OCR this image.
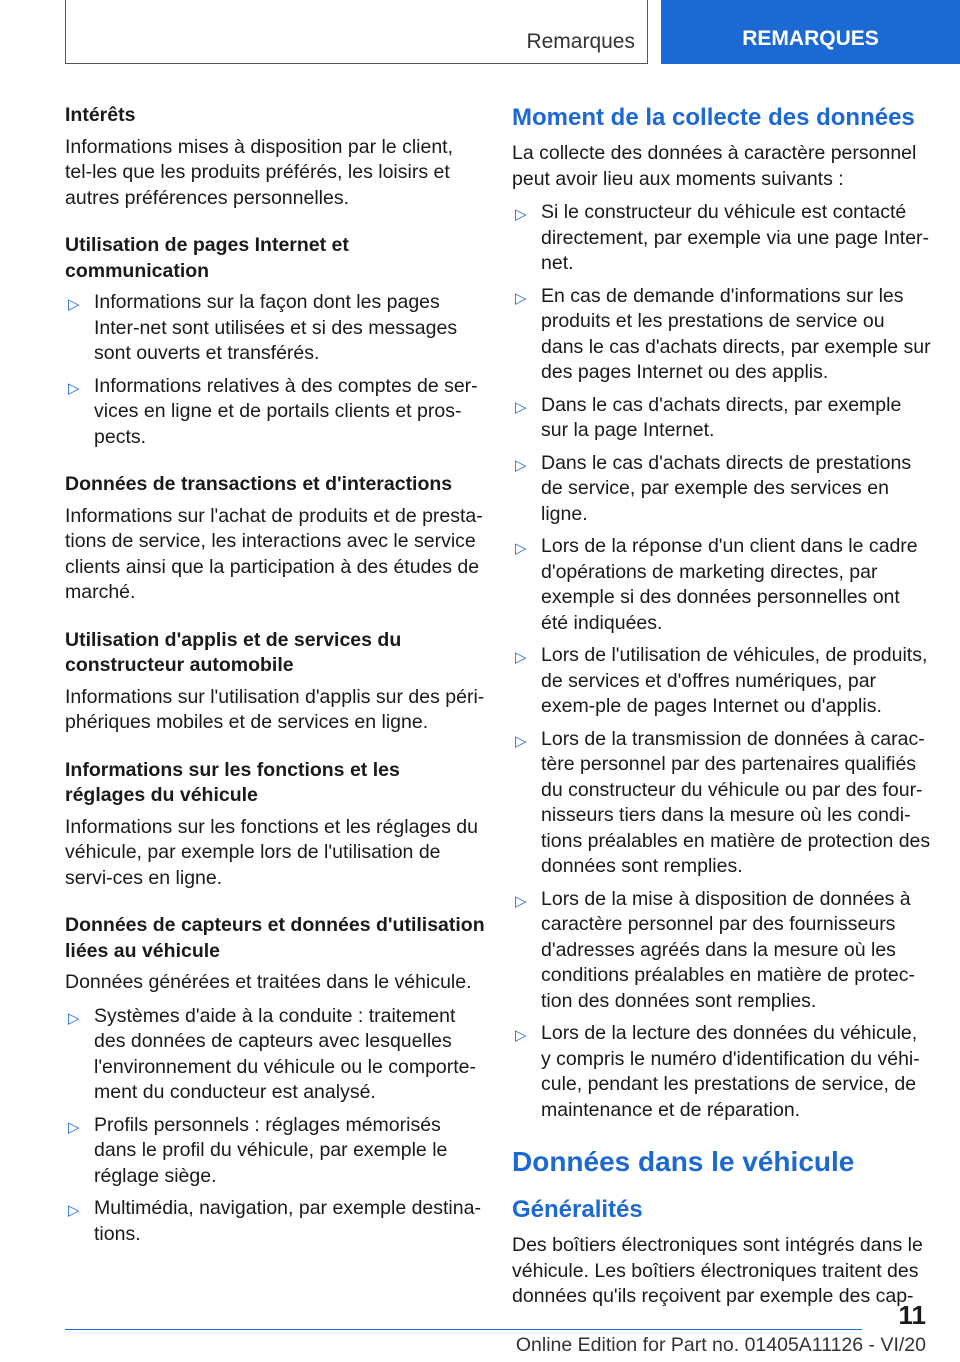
Remarques	REMARQUES
Intérêts
Informations mises à disposition par le client, tel-les que les produits préférés, les loisirs et autres préférences personnelles.
Utilisation de pages Internet et communication
▷ Informations sur la façon dont les pages Inter-net sont utilisées et si des messages sont ouverts et transférés.
▷ Informations relatives à des comptes de ser-vices en ligne et de portails clients et pros-pects.
Données de transactions et d'interactions
Informations sur l'achat de produits et de presta-tions de service, les interactions avec le service clients ainsi que la participation à des études de marché.
Utilisation d'applis et de services du constructeur automobile
Informations sur l'utilisation d'applis sur des péri-phériques mobiles et de services en ligne.
Informations sur les fonctions et les réglages du véhicule
Informations sur les fonctions et les réglages du véhicule, par exemple lors de l'utilisation de servi-ces en ligne.
Données de capteurs et données d'utilisation liées au véhicule
Données générées et traitées dans le véhicule.
▷ Systèmes d'aide à la conduite : traitement des données de capteurs avec lesquelles l'environnement du véhicule ou le comporte-ment du conducteur est analysé.
▷ Profils personnels : réglages mémorisés dans le profil du véhicule, par exemple le réglage siège.
▷ Multimédia, navigation, par exemple destina-tions.
Moment de la collecte des données
La collecte des données à caractère personnel peut avoir lieu aux moments suivants :
▷ Si le constructeur du véhicule est contacté directement, par exemple via une page Inter-net.
▷ En cas de demande d'informations sur les produits et les prestations de service ou dans le cas d'achats directs, par exemple sur des pages Internet ou des applis.
▷ Dans le cas d'achats directs, par exemple sur la page Internet.
▷ Dans le cas d'achats directs de prestations de service, par exemple des services en ligne.
▷ Lors de la réponse d'un client dans le cadre d'opérations de marketing directes, par exemple si des données personnelles ont été indiquées.
▷ Lors de l'utilisation de véhicules, de produits, de services et d'offres numériques, par exem-ple de pages Internet ou d'applis.
▷ Lors de la transmission de données à carac-tère personnel par des partenaires qualifiés du constructeur du véhicule ou par des four-nisseurs tiers dans la mesure où les condi-tions préalables en matière de protection des données sont remplies.
▷ Lors de la mise à disposition de données à caractère personnel par des fournisseurs d'adresses agréés dans la mesure où les conditions préalables en matière de protec-tion des données sont remplies.
▷ Lors de la lecture des données du véhicule, y compris le numéro d'identification du véhi-cule, pendant les prestations de service, de maintenance et de réparation.
Données dans le véhicule
Généralités
Des boîtiers électroniques sont intégrés dans le véhicule. Les boîtiers électroniques traitent des données qu'ils reçoivent par exemple des cap-
11
Online Edition for Part no. 01405A11126 - VI/20
